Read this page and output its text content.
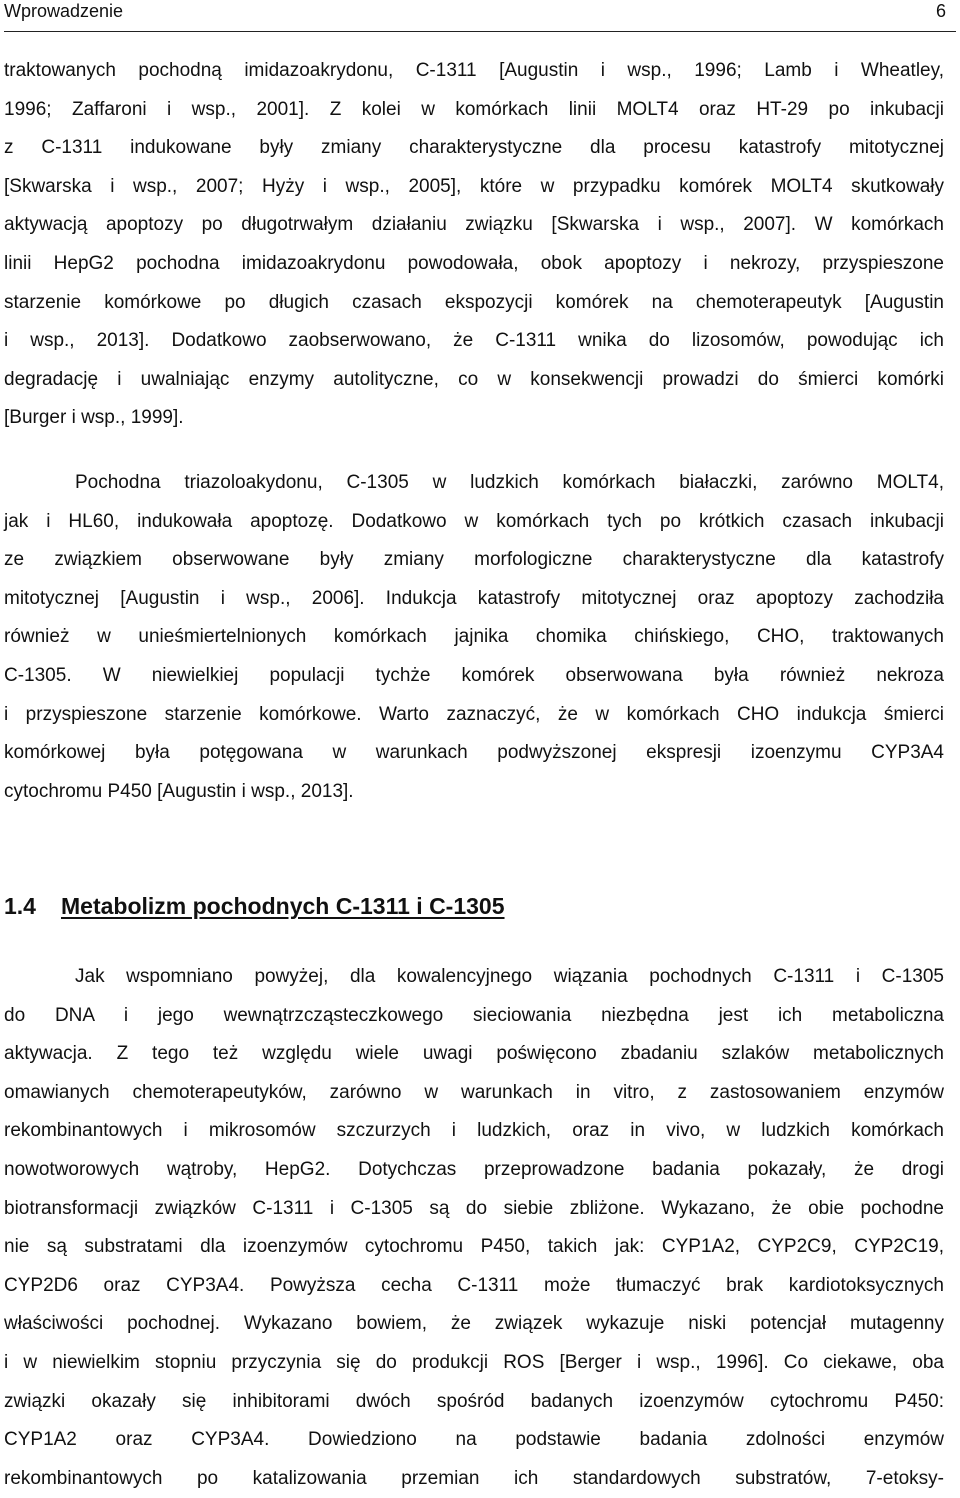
Wprowadzenie	6
traktowanych pochodną imidazoakrydonu, C-1311 [Augustin i wsp., 1996; Lamb i Wheatley,
1996; Zaffaroni i wsp., 2001]. Z kolei w komórkach linii MOLT4 oraz HT-29 po inkubacji
z C-1311 indukowane były zmiany charakterystyczne dla procesu katastrofy mitotycznej
[Skwarska i wsp., 2007; Hyży i wsp., 2005], które w przypadku komórek MOLT4 skutkowały
aktywacją apoptozy po długotrwałym działaniu związku [Skwarska i wsp., 2007]. W komórkach
linii HepG2 pochodna imidazoakrydonu powodowała, obok apoptozy i nekrozy, przyspieszone
starzenie komórkowe po długich czasach ekspozycji komórek na chemoterapeutyk [Augustin
i wsp., 2013]. Dodatkowo zaobserwowano, że C-1311 wnika do lizosomów, powodując ich
degradację i uwalniając enzymy autolityczne, co w konsekwencji prowadzi do śmierci komórki
[Burger i wsp., 1999].
Pochodna triazoloakydonu, C-1305 w ludzkich komórkach białaczki, zarówno MOLT4,
jak i HL60, indukowała apoptozę. Dodatkowo w komórkach tych po krótkich czasach inkubacji
ze związkiem obserwowane były zmiany morfologiczne charakterystyczne dla katastrofy
mitotycznej [Augustin i wsp., 2006]. Indukcja katastrofy mitotycznej oraz apoptozy zachodziła
również w unieśmiertelnionych komórkach jajnika chomika chińskiego, CHO, traktowanych
C-1305. W niewielkiej populacji tychże komórek obserwowana była również nekroza
i przyspieszone starzenie komórkowe. Warto zaznaczyć, że w komórkach CHO indukcja śmierci
komórkowej była potęgowana w warunkach podwyższonej ekspresji izoenzymu CYP3A4
cytochromu P450 [Augustin i wsp., 2013].
1.4 Metabolizm pochodnych C-1311 i C-1305
Jak wspomniano powyżej, dla kowalencyjnego wiązania pochodnych C-1311 i C-1305
do DNA i jego wewnątrzcząsteczkowego sieciowania niezbędna jest ich metaboliczna
aktywacja. Z tego też względu wiele uwagi poświęcono zbadaniu szlaków metabolicznych
omawianych chemoterapeutyków, zarówno w warunkach in vitro, z zastosowaniem enzymów
rekombinantowych i mikrosomów szczurzych i ludzkich, oraz in vivo, w ludzkich komórkach
nowotworowych wątroby, HepG2. Dotychczas przeprowadzone badania pokazały, że drogi
biotransformacji związków C-1311 i C-1305 są do siebie zbliżone. Wykazano, że obie pochodne
nie są substratami dla izoenzymów cytochromu P450, takich jak: CYP1A2, CYP2C9, CYP2C19,
CYP2D6 oraz CYP3A4. Powyższa cecha C-1311 może tłumaczyć brak kardiotoksycznych
właściwości pochodnej. Wykazano bowiem, że związek wykazuje niski potencjał mutagenny
i w niewielkim stopniu przyczynia się do produkcji ROS [Berger i wsp., 1996]. Co ciekawe, oba
związki okazały się inhibitorami dwóch spośród badanych izoenzymów cytochromu P450:
CYP1A2 oraz CYP3A4. Dowiedziono na podstawie badania zdolności enzymów
rekombinantowych po katalizowania przemian ich standardowych substratów, 7-etoksy-
